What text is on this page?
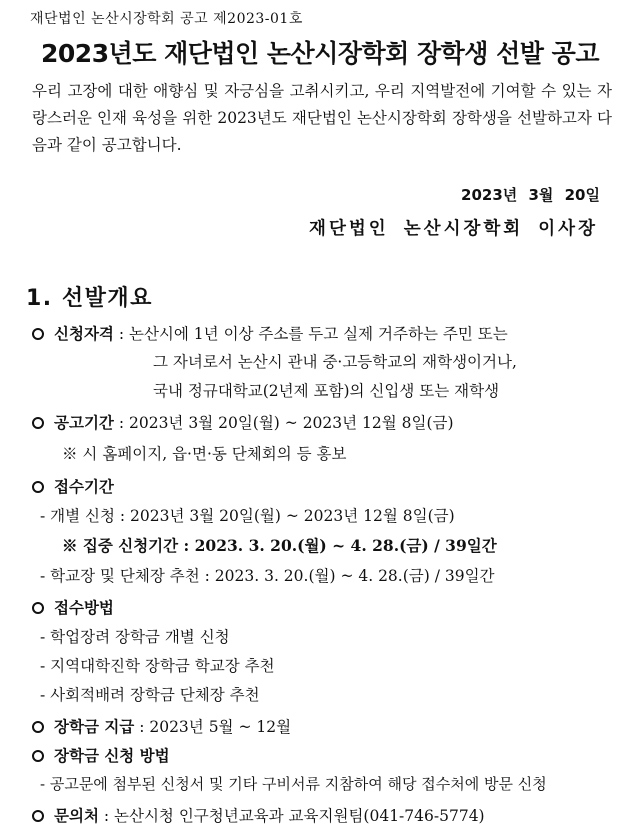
재단법인 논산시장학회 공고 제2023-01호
2023년도 재단법인 논산시장학회 장학생 선발 공고
우리 고장에 대한 애향심 및 자긍심을 고취시키고, 우리 지역발전에 기여할 수 있는 자랑스러운 인재 육성을 위한 2023년도 재단법인 논산시장학회 장학생을 선발하고자 다음과 같이 공고합니다.
2023년 3월 20일
재단법인 논산시장학회 이사장
1. 선발개요
신청자격 : 논산시에 1년 이상 주소를 두고 실제 거주하는 주민 또는
그 자녀로서 논산시 관내 중·고등학교의 재학생이거나,
국내 정규대학교(2년제 포함)의 신입생 또는 재학생
공고기간 : 2023년 3월 20일(월) ~ 2023년 12월 8일(금)
※ 시 홈페이지, 읍·면·동 단체회의 등 홍보
접수기간
- 개별 신청 : 2023년 3월 20일(월) ~ 2023년 12월 8일(금)
※ 집중 신청기간 : 2023. 3. 20.(월) ~ 4. 28.(금) / 39일간
- 학교장 및 단체장 추천 : 2023. 3. 20.(월) ~ 4. 28.(금) / 39일간
접수방법
- 학업장려 장학금 개별 신청
- 지역대학진학 장학금 학교장 추천
- 사회적배려 장학금 단체장 추천
장학금 지급 : 2023년 5월 ~ 12월
장학금 신청 방법
- 공고문에 첨부된 신청서 및 기타 구비서류 지참하여 해당 접수처에 방문 신청
문의처 : 논산시청 인구청년교육과 교육지원팀(041-746-5774)
